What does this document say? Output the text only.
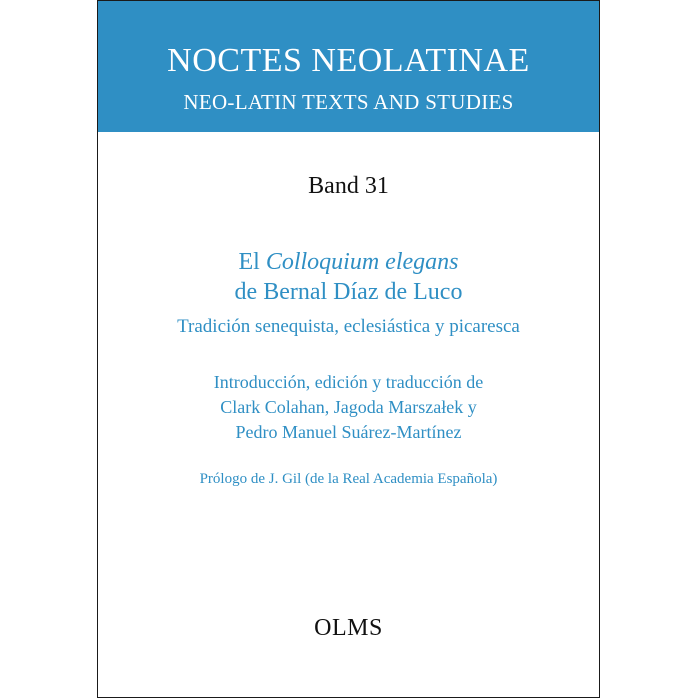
NOCTES NEOLATINAE
NEO-LATIN TEXTS AND STUDIES
Band 31
El Colloquium elegans
de Bernal Díaz de Luco
Tradición senequista, eclesiástica y picaresca
Introducción, edición y traducción de
Clark Colahan, Jagoda Marszałek y
Pedro Manuel Suárez-Martínez
Prólogo de J. Gil (de la Real Academia Española)
OLMS
